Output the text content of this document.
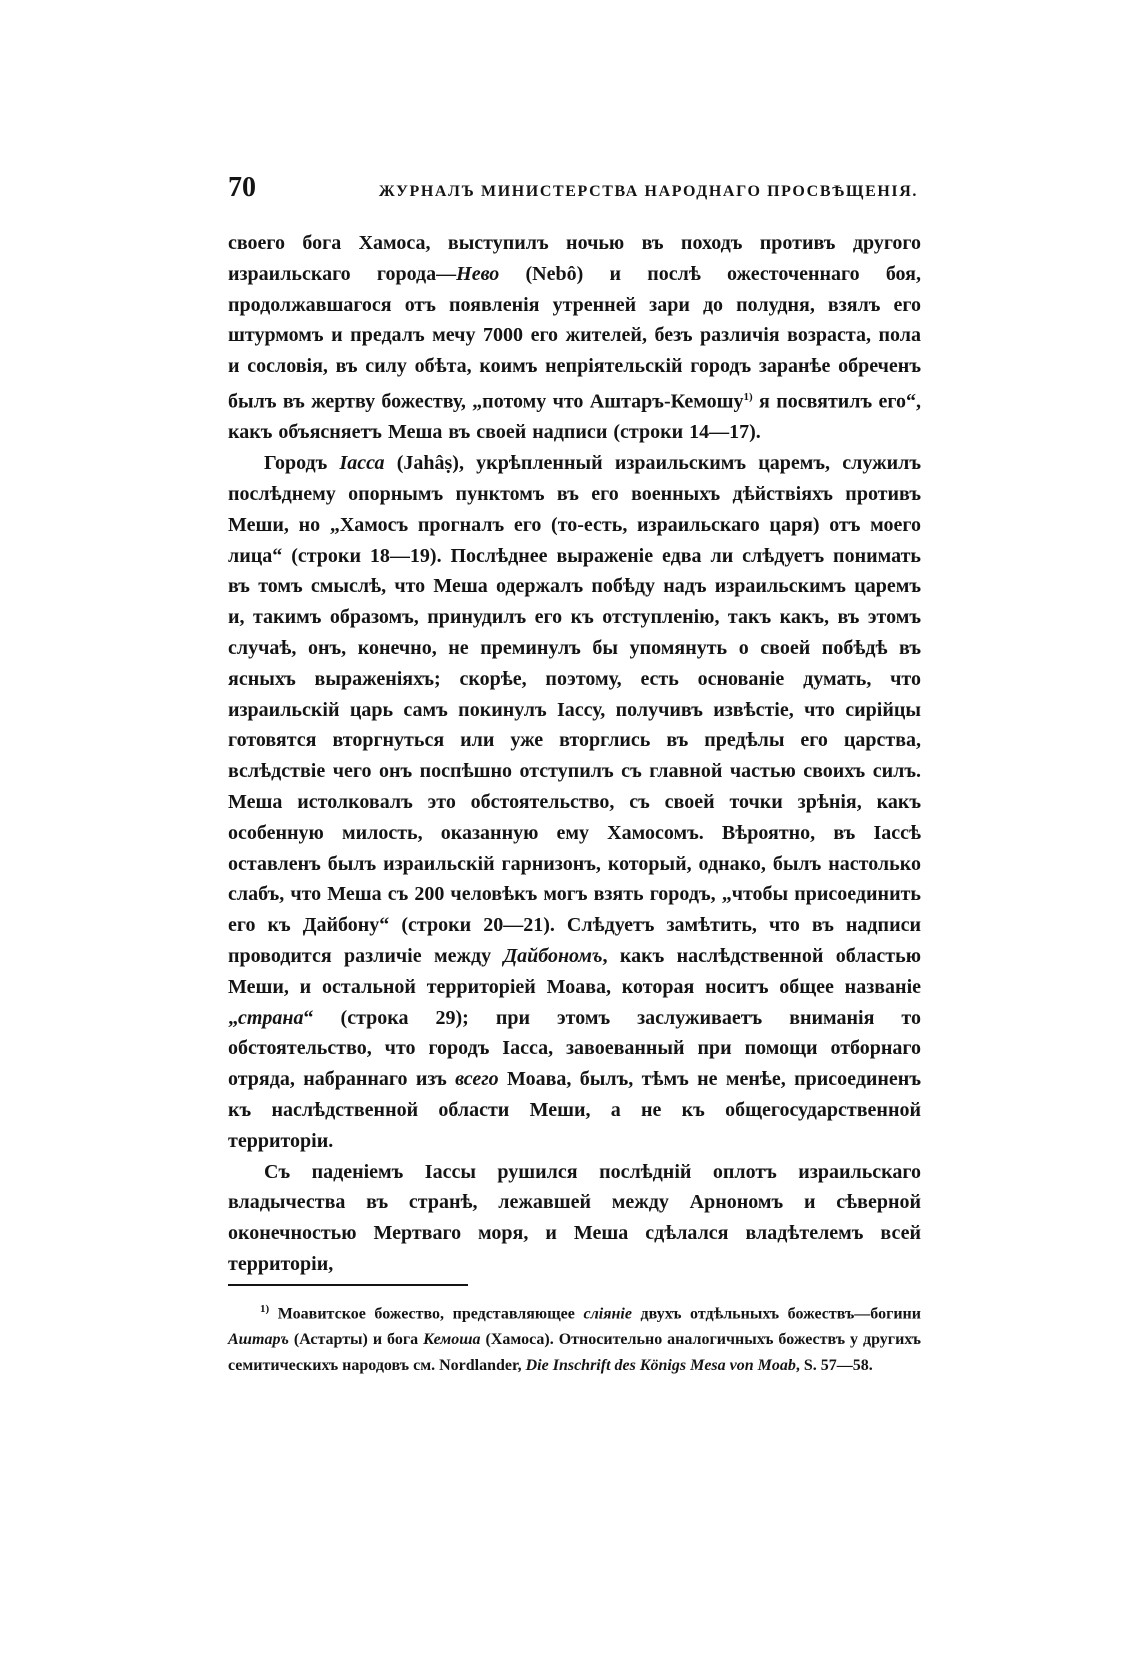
70	ЖУРНАЛЪ МИНИСТЕРСТВА НАРОДНАГО ПРОСВѢЩЕНІЯ.

своего бога Хамоса, выступилъ ночью въ походъ противъ другого израильскаго города—Нево (Nebô) и послѣ ожесточеннаго боя, продолжавшагося отъ появленія утренней зари до полудня, взялъ его штурмомъ и предалъ мечу 7000 его жителей, безъ различія возраста, пола и сословія, въ силу обѣта, коимъ непріятельскій городъ заранѣе обреченъ былъ въ жертву божеству, „потому что Аштаръ-Кемошу$^{1)}$ я посвятилъ его“, какъ объясняетъ Меша въ своей надписи (строки 14—17).

Городъ Іасса (Jahâṣ), укрѣпленный израильскимъ царемъ, служилъ послѣднему опорнымъ пунктомъ въ его военныхъ дѣйствіяхъ противъ Меши, но „Хамосъ прогналъ его (то-есть, израильскаго царя) отъ моего лица“ (строки 18—19). Послѣднее выраженіе едва ли слѣдуетъ понимать въ томъ смыслѣ, что Меша одержалъ побѣду надъ израильскимъ царемъ и, такимъ образомъ, принудилъ его къ отступленію, такъ какъ, въ этомъ случаѣ, онъ, конечно, не преминулъ бы упомянуть о своей побѣдѣ въ ясныхъ выраженіяхъ; скорѣе, поэтому, есть основаніе думать, что израильскій царь самъ покинулъ Іассу, получивъ извѣстіе, что сирійцы готовятся вторгнуться или уже вторглись въ предѣлы его царства, вслѣдствіе чего онъ поспѣшно отступилъ съ главной частью своихъ силъ. Меша истолковалъ это обстоятельство, съ своей точки зрѣнія, какъ особенную милость, оказанную ему Хамосомъ. Вѣроятно, въ Іассѣ оставленъ былъ израильскій гарнизонъ, который, однако, былъ настолько слабъ, что Меша съ 200 человѣкъ могъ взять городъ, „чтобы присоединить его къ Дайбону“ (строки 20—21). Слѣдуетъ замѣтить, что въ надписи проводится различіе между Дайбономъ, какъ наслѣдственной областью Меши, и остальной территоріей Моава, которая носитъ общее названіе „страна“ (строка 29); при этомъ заслуживаетъ вниманія то обстоятельство, что городъ Іасса, завоеванный при помощи отборнаго отряда, набраннаго изъ всего Моава, былъ, тѣмъ не менѣе, присоединенъ къ наслѣдственной области Меши, а не къ общегосударственной территоріи.

Съ паденіемъ Іассы рушился послѣдній оплотъ израильскаго владычества въ странѣ, лежавшей между Арнономъ и сѣверной оконечностью Мертваго моря, и Меша сдѣлался владѣтелемъ всей территоріи,

$^{1)}$ Моавитское божество, представляющее сліяніе двухъ отдѣльныхъ божествъ—богини Аштаръ (Астарты) и бога Кемоша (Хамоса). Относительно аналогичныхъ божествъ у другихъ семитическихъ народовъ см. Nordlander, Die Inschrift des Königs Mesa von Moab, S. 57—58.
